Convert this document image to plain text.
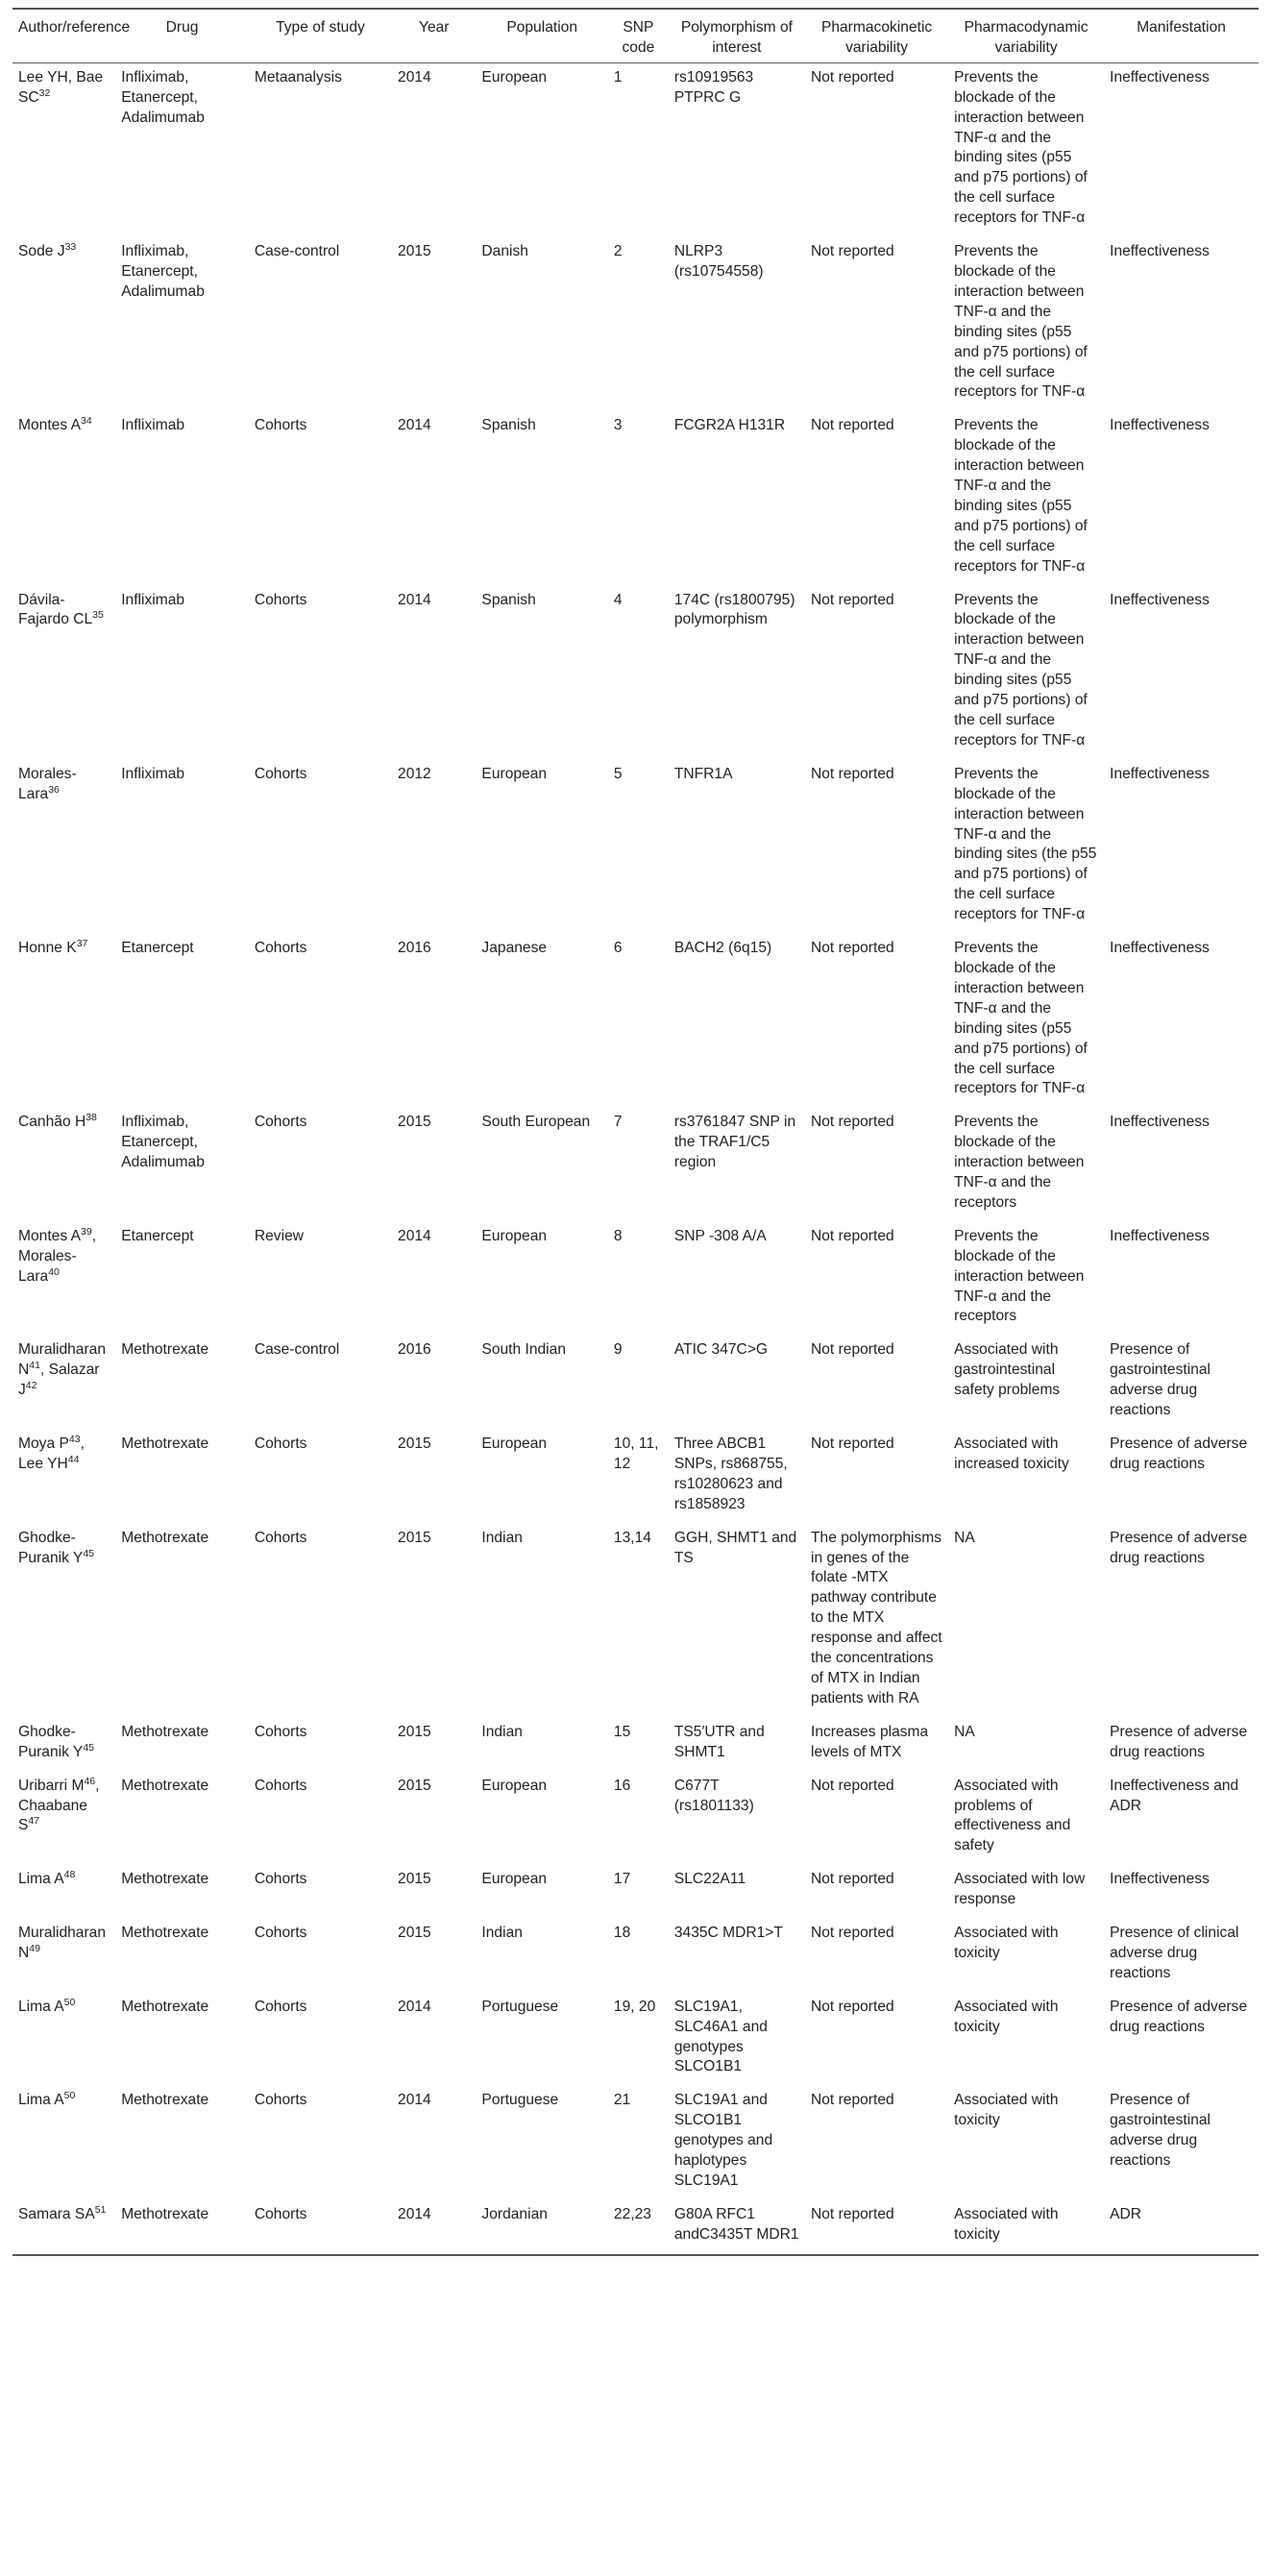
Author/reference	Drug	Type of study	Year	Population	SNP code	Polymorphism of interest	Pharmacokinetic variability	Pharmacodynamic variability	Manifestation
Lee YH, Bae SC$^{32}$	Infliximab, Etanercept, Adalimumab	Metaanalysis	2014	European	1	rs10919563 PTPRC G	Not reported	Prevents the blockade of the interaction between TNF-α and the binding sites (p55 and p75 portions) of the cell surface receptors for TNF-α	Ineffectiveness
Sode $J^{33}$	Infliximab, Etanercept, Adalimumab	Case-control	2015	Danish	2	NLRP3 (rs10754558)	Not reported	Prevents the blockade of the interaction between TNF-α and the binding sites (p55 and p75 portions) of the cell surface receptors for TNF-α	Ineffectiveness
Montes $A^{34}$	Infliximab	Cohorts	2014	Spanish	3	FCGR2A H131R	Not reported	Prevents the blockade of the interaction between TNF-α and the binding sites (p55 and p75 portions) of the cell surface receptors for TNF-α	Ineffectiveness
Dávila-Fajardo CL$^{35}$	Infliximab	Cohorts	2014	Spanish	4	174C (rs1800795) polymorphism	Not reported	Prevents the blockade of the interaction between TNF-α and the binding sites (p55 and p75 portions) of the cell surface receptors for TNF-α	Ineffectiveness
Morales-Lara$^{36}$	Infliximab	Cohorts	2012	European	5	TNFR1A	Not reported	Prevents the blockade of the interaction between TNF-α and the binding sites (the p55 and p75 portions) of the cell surface receptors for TNF-α	Ineffectiveness
Honne $K^{37}$	Etanercept	Cohorts	2016	Japanese	6	BACH2 (6q15)	Not reported	Prevents the blockade of the interaction between TNF-α and the binding sites (p55 and p75 portions) of the cell surface receptors for TNF-α	Ineffectiveness
Canhão $H^{38}$	Infliximab, Etanercept, Adalimumab	Cohorts	2015	South European	7	rs3761847 SNP in the TRAF1/C5 region	Not reported	Prevents the blockade of the interaction between TNF-α and the receptors	Ineffectiveness
Montes $A^{39}$, Morales-Lara$^{40}$	Etanercept	Review	2014	European	8	SNP -308 A/A	Not reported	Prevents the blockade of the interaction between TNF-α and the receptors	Ineffectiveness
Muralidharan $N^{41}$, Salazar $J^{42}$	Methotrexate	Case-control	2016	South Indian	9	ATIC 347C>G	Not reported	Associated with gastrointestinal safety problems	Presence of gastrointestinal adverse drug reactions
Moya $P^{43}$, Lee YH$^{44}$	Methotrexate	Cohorts	2015	European	10, 11, 12	Three ABCB1 SNPs, rs868755, rs10280623 and rs1858923	Not reported	Associated with increased toxicity	Presence of adverse drug reactions
Ghodke-Puranik $Y^{45}$	Methotrexate	Cohorts	2015	Indian	13,14	GGH, SHMT1 and TS	The polymorphisms in genes of the folate -MTX pathway contribute to the MTX response and affect the concentrations of MTX in Indian patients with RA	NA	Presence of adverse drug reactions
Ghodke-Puranik $Y^{45}$	Methotrexate	Cohorts	2015	Indian	15	TS5′UTR and SHMT1	Increases plasma levels of MTX	NA	Presence of adverse drug reactions
Uribarri $M^{46}$, Chaabane $S^{47}$	Methotrexate	Cohorts	2015	European	16	C677T (rs1801133)	Not reported	Associated with problems of effectiveness and safety	Ineffectiveness and ADR
Lima $A^{48}$	Methotrexate	Cohorts	2015	European	17	SLC22A11	Not reported	Associated with low response	Ineffectiveness
Muralidharan $N^{49}$	Methotrexate	Cohorts	2015	Indian	18	3435C MDR1>T	Not reported	Associated with toxicity	Presence of clinical adverse drug reactions
Lima $A^{50}$	Methotrexate	Cohorts	2014	Portuguese	19, 20	SLC19A1, SLC46A1 and genotypes SLCO1B1	Not reported	Associated with toxicity	Presence of adverse drug reactions
Lima $A^{50}$	Methotrexate	Cohorts	2014	Portuguese	21	SLC19A1 and SLCO1B1 genotypes and haplotypes SLC19A1	Not reported	Associated with toxicity	Presence of gastrointestinal adverse drug reactions
Samara SA$^{51}$	Methotrexate	Cohorts	2014	Jordanian	22,23	G80A RFC1 andC3435T MDR1	Not reported	Associated with toxicity	ADR
